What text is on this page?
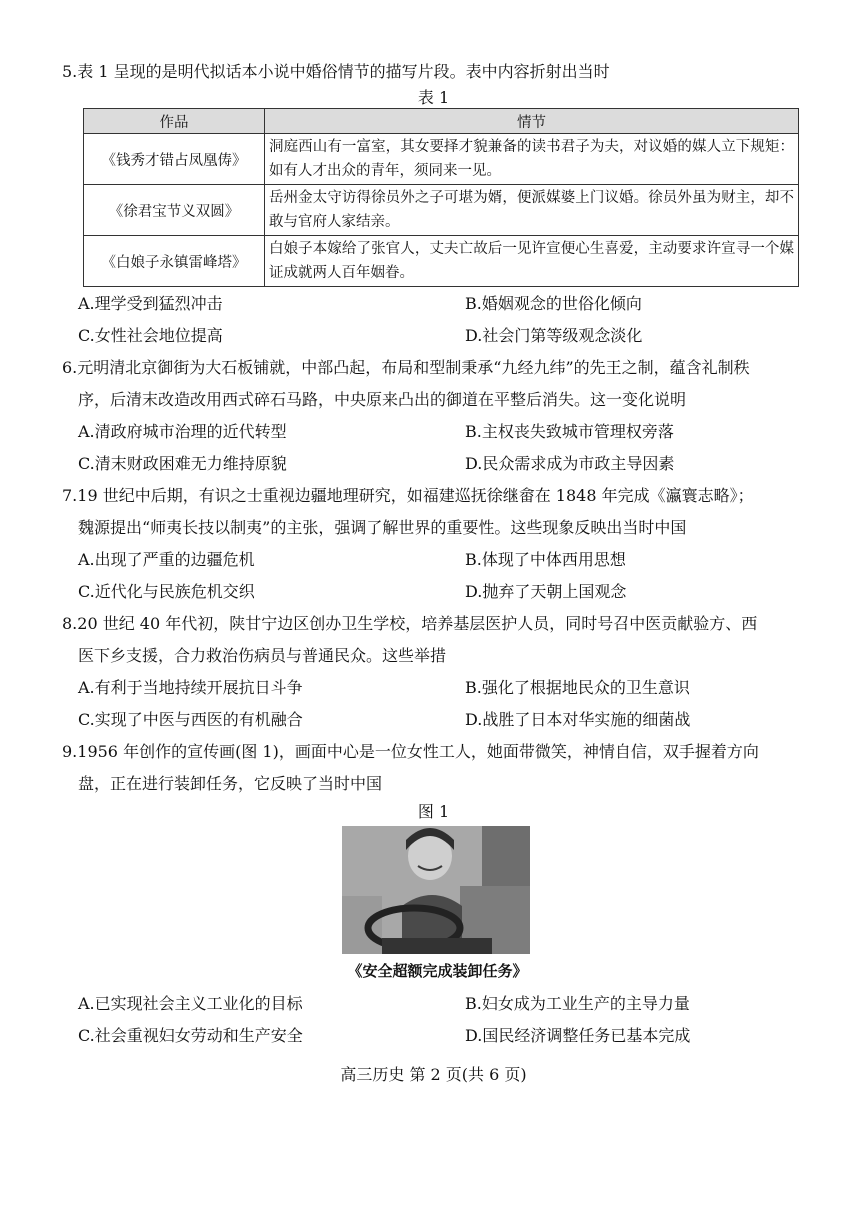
5.表 1 呈现的是明代拟话本小说中婚俗情节的描写片段。表中内容折射出当时

表 1
作品	情节
《钱秀才错占凤凰俦》	洞庭西山有一富室，其女要择才貌兼备的读书君子为夫，对议婚的媒人立下规矩：如有人才出众的青年，须同来一见。
《徐君宝节义双圆》	岳州金太守访得徐员外之子可堪为婿，便派媒婆上门议婚。徐员外虽为财主，却不敢与官府人家结亲。
《白娘子永镇雷峰塔》	白娘子本嫁给了张官人，丈夫亡故后一见许宣便心生喜爱，主动要求许宣寻一个媒证成就两人百年姻眷。
A.理学受到猛烈冲击	B.婚姻观念的世俗化倾向
C.女性社会地位提高	D.社会门第等级观念淡化

6.元明清北京御街为大石板铺就，中部凸起，布局和型制秉承“九经九纬”的先王之制，蕴含礼制秩

序，后清末改造改用西式碎石马路，中央原来凸出的御道在平整后消失。这一变化说明

A.清政府城市治理的近代转型	B.主权丧失致城市管理权旁落
C.清末财政困难无力维持原貌	D.民众需求成为市政主导因素

7.19 世纪中后期，有识之士重视边疆地理研究，如福建巡抚徐继畲在 1848 年完成《瀛寰志略》；

魏源提出“师夷长技以制夷”的主张，强调了解世界的重要性。这些现象反映出当时中国

A.出现了严重的边疆危机	B.体现了中体西用思想
C.近代化与民族危机交织	D.抛弃了天朝上国观念

8.20 世纪 40 年代初，陕甘宁边区创办卫生学校，培养基层医护人员，同时号召中医贡献验方、西

医下乡支援，合力救治伤病员与普通民众。这些举措

A.有利于当地持续开展抗日斗争	B.强化了根据地民众的卫生意识
C.实现了中医与西医的有机融合	D.战胜了日本对华实施的细菌战

9.1956 年创作的宣传画(图 1)，画面中心是一位女性工人，她面带微笑，神情自信，双手握着方向

盘，正在进行装卸任务，它反映了当时中国

图 1
《安全超额完成装卸任务》
A.已实现社会主义工业化的目标	B.妇女成为工业生产的主导力量
C.社会重视妇女劳动和生产安全	D.国民经济调整任务已基本完成
高三历史 第 2 页(共 6 页)
